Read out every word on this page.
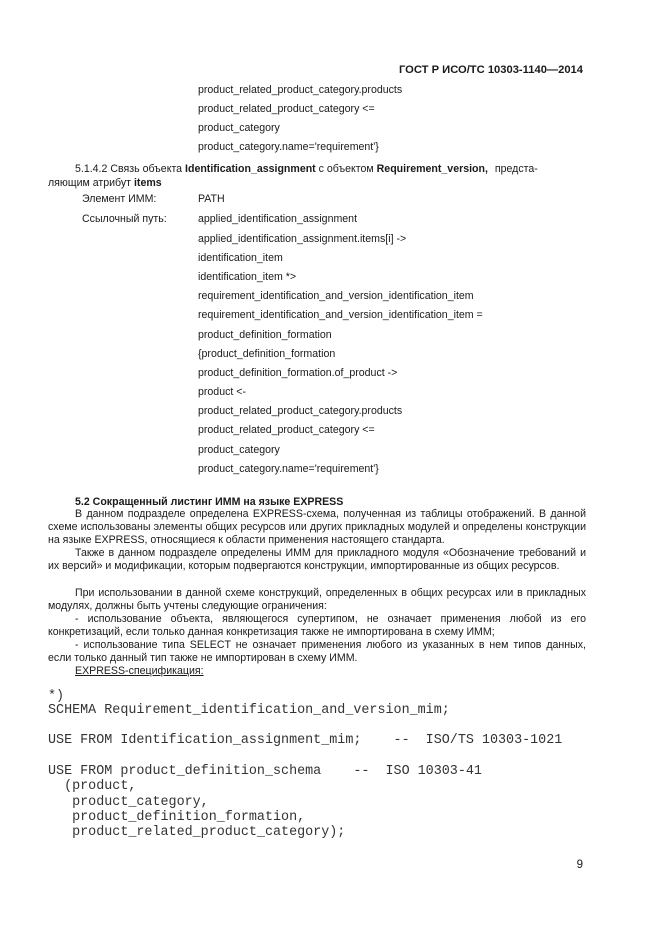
ГОСТ Р ИСО/ТС 10303-1140—2014
product_related_product_category.products
product_related_product_category <=
product_category
product_category.name='requirement'}
5.1.4.2 Связь объекта Identification_assignment с объектом Requirement_version, предста-
ляющим атрибут items
Элемент ИММ:	PATH
Ссылочный путь:	applied_identification_assignment
applied_identification_assignment.items[i] ->
identification_item
identification_item *>
requirement_identification_and_version_identification_item
requirement_identification_and_version_identification_item =
product_definition_formation
{product_definition_formation
product_definition_formation.of_product ->
product <-
product_related_product_category.products
product_related_product_category <=
product_category
product_category.name='requirement'}
5.2 Сокращенный листинг ИММ на языке EXPRESS

В данном подразделе определена EXPRESS-схема, полученная из таблицы отображений. В данной схеме использованы элементы общих ресурсов или других прикладных модулей и определены конструкции на языке EXPRESS, относящиеся к области применения настоящего стандарта.

Также в данном подразделе определены ИММ для прикладного модуля «Обозначение требований и их версий» и модификации, которым подвергаются конструкции, импортированные из общих ресурсов.

При использовании в данной схеме конструкций, определенных в общих ресурсах или в прикладных модулях, должны быть учтены следующие ограничения:

- использование объекта, являющегося супертипом, не означает применения любой из его конкретизаций, если только данная конкретизация также не импортирована в схему ИММ;

- использование типа SELECT не означает применения любого из указанных в нем типов данных, если только данный тип также не импортирован в схему ИММ.

EXPRESS-спецификация:
*)
SCHEMA Requirement_identification_and_version_mim;
USE FROM Identification_assignment_mim;    --  ISO/TS 10303-1021
USE FROM product_definition_schema    --  ISO 10303-41
(product,
product_category,
product_definition_formation,
product_related_product_category);
9
